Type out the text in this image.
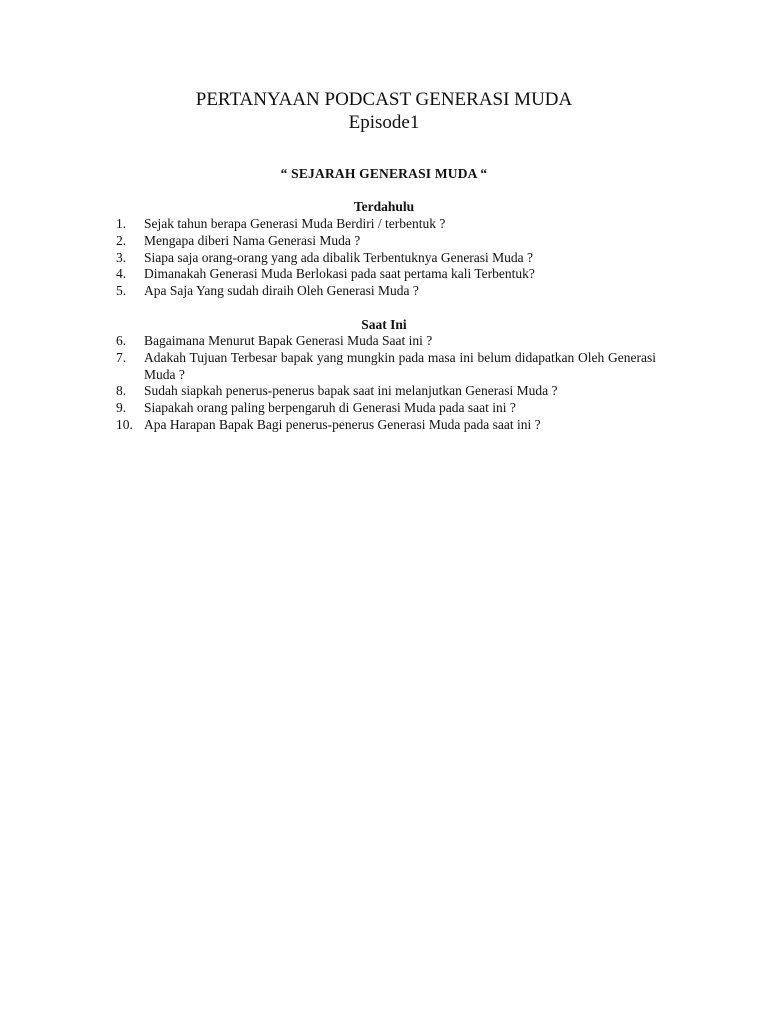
PERTANYAAN PODCAST GENERASI MUDA
Episode1

“ SEJARAH GENERASI MUDA “

Terdahulu

1.	Sejak tahun berapa Generasi Muda Berdiri / terbentuk ?
2.	Mengapa diberi Nama Generasi Muda ?
3.	Siapa saja orang-orang yang ada dibalik Terbentuknya Generasi Muda ?
4.	Dimanakah Generasi Muda Berlokasi pada saat pertama kali Terbentuk?
5.	Apa Saja Yang sudah diraih Oleh Generasi Muda ?

Saat Ini

6.	Bagaimana Menurut Bapak Generasi Muda Saat ini ?
7.	Adakah Tujuan Terbesar bapak yang mungkin pada masa ini belum didapatkan Oleh Generasi Muda ?
8.	Sudah siapkah penerus-penerus bapak saat ini melanjutkan Generasi Muda ?
9.	Siapakah orang paling berpengaruh di Generasi Muda pada saat ini ?
10. Apa Harapan Bapak Bagi penerus-penerus Generasi Muda pada saat ini ?
